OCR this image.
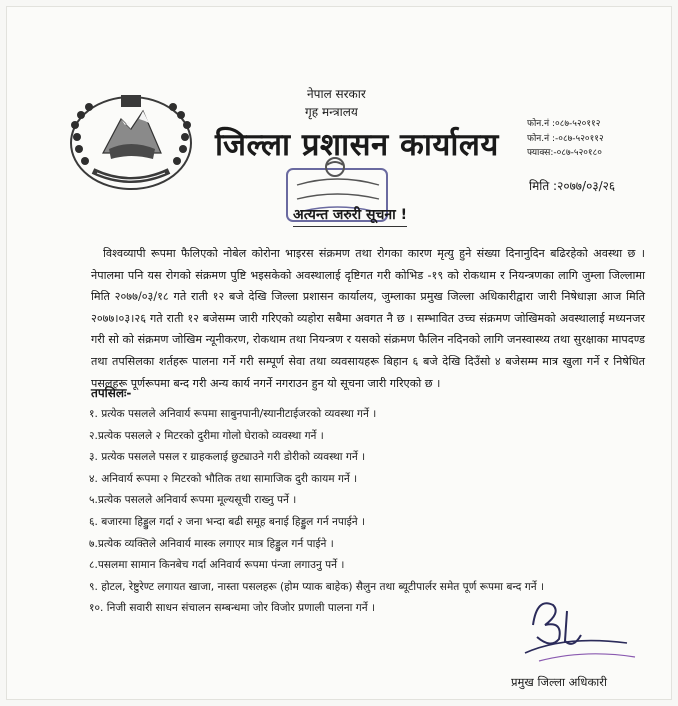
नेपाल सरकार
गृह मन्त्रालय
जिल्ला प्रशासन कार्यालय
फोन.नं :०८७-५२०११२
फोन.नं :-०८७-५२०११२
फ्याक्स:-०८७-५२०१८०
मिति :२०७७/०३/२६
अत्यन्त जरुरी सूचना !
विश्वव्यापी रूपमा फैलिएको नोबेल कोरोना भाइरस संक्रमण तथा रोगका कारण मृत्यु हुने संख्या दिनानुदिन बढिरहेको अवस्था छ । नेपालमा पनि यस रोगको संक्रमण पुष्टि भइसकेको अवस्थालाई दृष्टिगत गरी कोभिड -१९ को रोकथाम र नियन्त्रणका लागि जुम्ला जिल्लामा मिति २०७७/०३/१८ गते राती १२ बजे देखि जिल्ला प्रशासन कार्यालय, जुम्लाका प्रमुख जिल्ला अधिकारीद्वारा जारी निषेधाज्ञा आज मिति २०७७।०३।२६ गते राती १२ बजेसम्म जारी गरिएको व्यहोरा सबैमा अवगत नै छ । सम्भावित उच्च संक्रमण जोखिमको अवस्थालाई मध्यनजर गरी सो को संक्रमण जोखिम न्यूनीकरण, रोकथाम तथा नियन्त्रण र यसको संक्रमण फैलिन नदिनको लागि जनस्वास्थ्य तथा सुरक्षाका मापदण्ड तथा तपसिलका शर्तहरू पालना गर्ने गरी सम्पूर्ण सेवा तथा व्यवसायहरू बिहान ६ बजे देखि दिउँसो ४ बजेसम्म मात्र खुला गर्ने र निषेधित पसलहरू पूर्णरूपमा बन्द गरी अन्य कार्य नगर्ने नगराउन हुन यो सूचना जारी गरिएको छ ।
तपसिलः-
१. प्रत्येक पसलले अनिवार्य रूपमा साबुनपानी/स्यानीटाईजरको व्यवस्था गर्ने ।
२.प्रत्येक पसलले २ मिटरको दुरीमा गोलो घेराको व्यवस्था गर्ने ।
३. प्रत्येक पसलले पसल र ग्राहकलाई छुट्याउने गरी डोरीको व्यवस्था गर्ने ।
४. अनिवार्य रूपमा २ मिटरको भौतिक तथा सामाजिक दुरी कायम गर्ने ।
५.प्रत्येक पसलले अनिवार्य रूपमा मूल्यसूची राख्नु पर्ने ।
६. बजारमा हिड्डुल गर्दा २ जना भन्दा बढी समूह बनाई हिड्डुल गर्न नपाईने ।
७.प्रत्येक व्यक्तिले अनिवार्य मास्क लगाएर मात्र हिड्डुल गर्न पाईने ।
८.पसलमा सामान किनबेच गर्दा अनिवार्य रूपमा पंन्जा लगाउनु पर्ने ।
९. होटल, रेष्टुरेण्ट लगायत खाजा, नास्ता पसलहरू (होम प्याक बाहेक) सैलुन तथा ब्यूटीपार्लर समेत पूर्ण रूपमा बन्द गर्ने ।
१०. निजी सवारी साधन संचालन सम्बन्धमा जोर विजोर प्रणाली पालना गर्ने ।
प्रमुख जिल्ला अधिकारी
